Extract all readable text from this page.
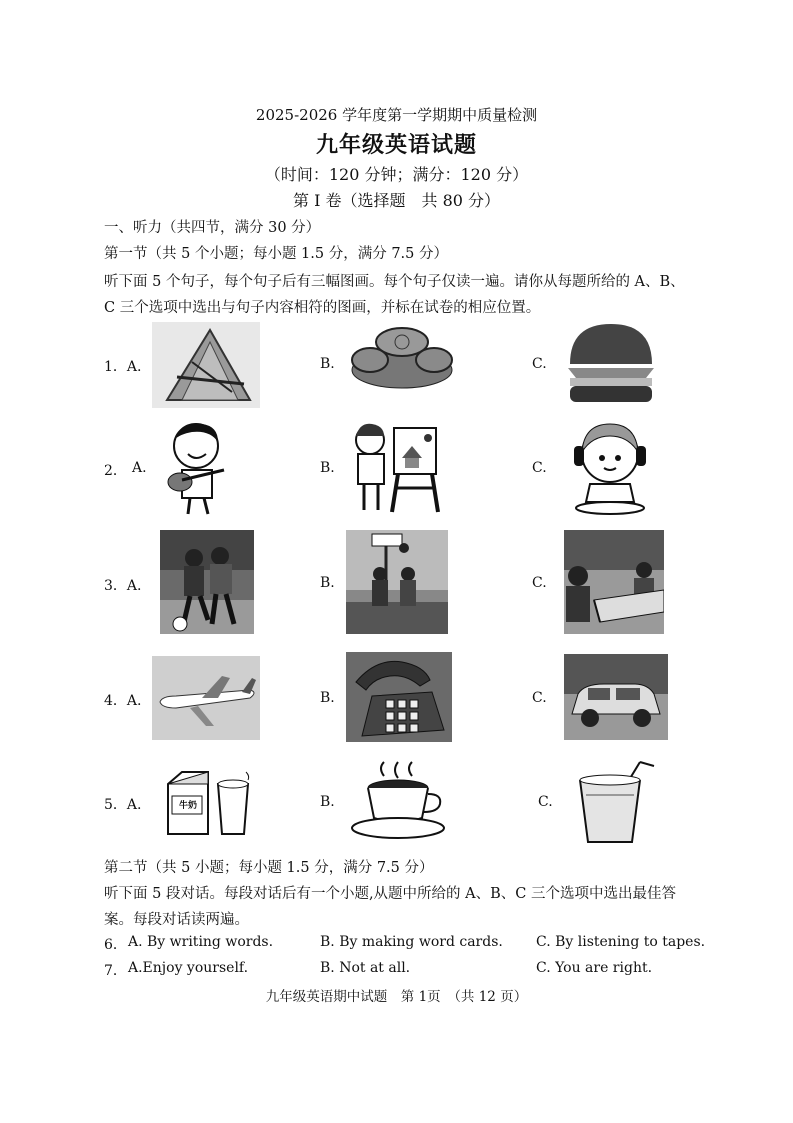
2025-2026 学年度第一学期期中质量检测
九年级英语试题
（时间：120 分钟；满分：120 分）
第 I 卷（选择题　共 80 分）
一、听力（共四节，满分 30 分）
第一节（共 5 个小题；每小题 1.5 分，满分 7.5 分）
听下面 5 个句子，每个句子后有三幅图画。每个句子仅读一遍。请你从每题所给的 A、B、
C 三个选项中选出与句子内容相符的图画，并标在试卷的相应位置。
1．A.	B.	C.
2． A.	B.	C.
3．A.	B.	C.
4．A.	B.	C.
5．A.	牛奶	B.	C.
第二节（共 5 小题；每小题 1.5 分，满分 7.5 分）
听下面 5 段对话。每段对话后有一个小题,从题中所给的 A、B、C 三个选项中选出最佳答
案。每段对话读两遍。
6． A. By writing words.	B. By making word cards. C. By listening to tapes.
7． A.Enjoy yourself.	B. Not at all.	C. You are right.
九年级英语期中试题　第 1页　（共 12 页）
